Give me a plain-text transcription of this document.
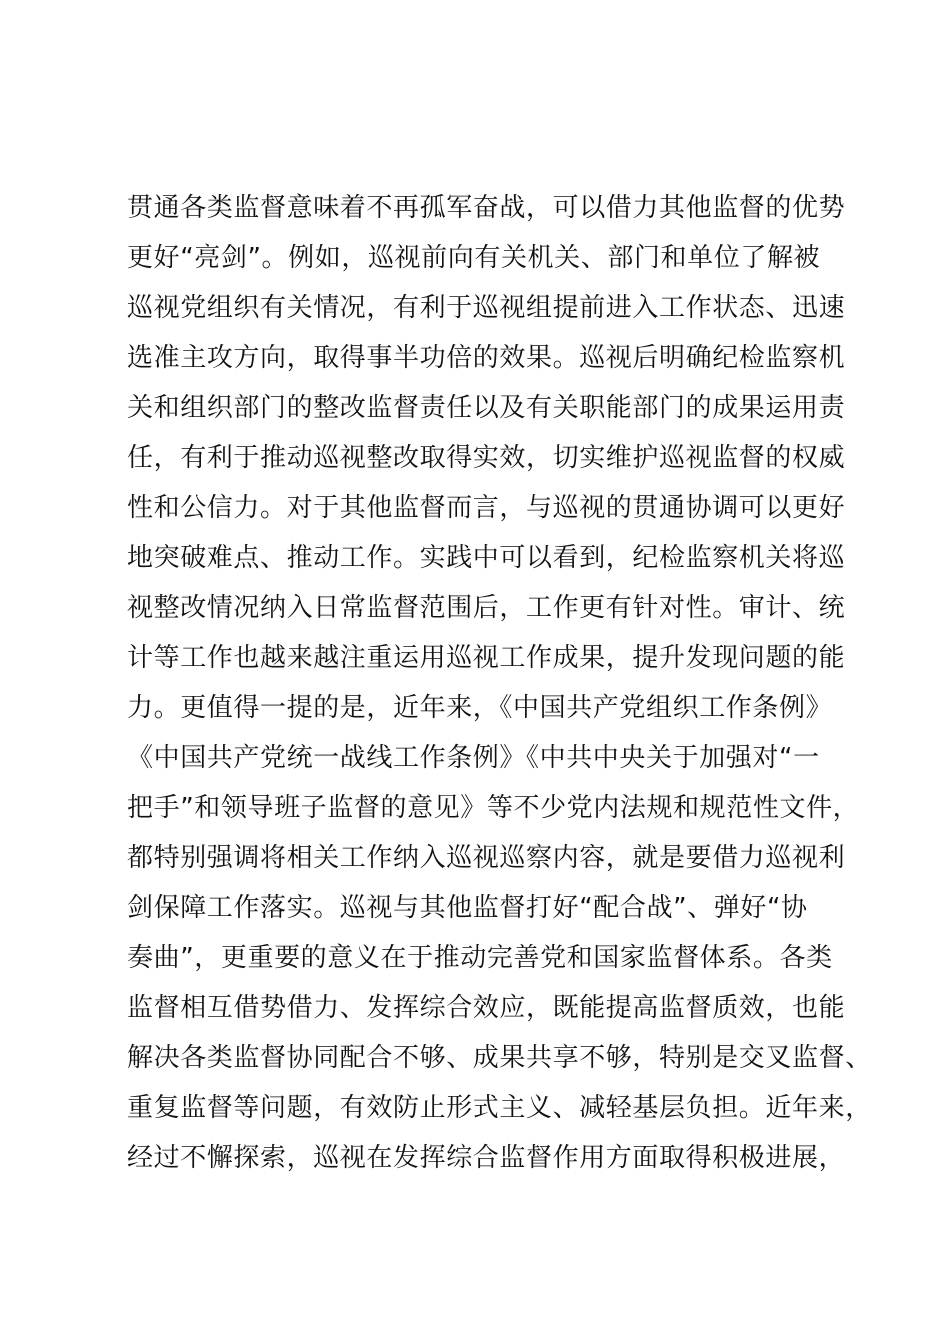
贯通各类监督意味着不再孤军奋战，可以借力其他监督的优势
更好“亮剑”。例如，巡视前向有关机关、部门和单位了解被
巡视党组织有关情况，有利于巡视组提前进入工作状态、迅速
选准主攻方向，取得事半功倍的效果。巡视后明确纪检监察机
关和组织部门的整改监督责任以及有关职能部门的成果运用责
任，有利于推动巡视整改取得实效，切实维护巡视监督的权威
性和公信力。对于其他监督而言，与巡视的贯通协调可以更好
地突破难点、推动工作。实践中可以看到，纪检监察机关将巡
视整改情况纳入日常监督范围后，工作更有针对性。审计、统
计等工作也越来越注重运用巡视工作成果，提升发现问题的能
力。更值得一提的是，近年来，《中国共产党组织工作条例》
《中国共产党统一战线工作条例》《中共中央关于加强对“一
把手”和领导班子监督的意见》等不少党内法规和规范性文件，
都特别强调将相关工作纳入巡视巡察内容，就是要借力巡视利
剑保障工作落实。巡视与其他监督打好“配合战”、弹好“协
奏曲”，更重要的意义在于推动完善党和国家监督体系。各类
监督相互借势借力、发挥综合效应，既能提高监督质效，也能
解决各类监督协同配合不够、成果共享不够，特别是交叉监督、
重复监督等问题，有效防止形式主义、减轻基层负担。近年来，
经过不懈探索，巡视在发挥综合监督作用方面取得积极进展，
